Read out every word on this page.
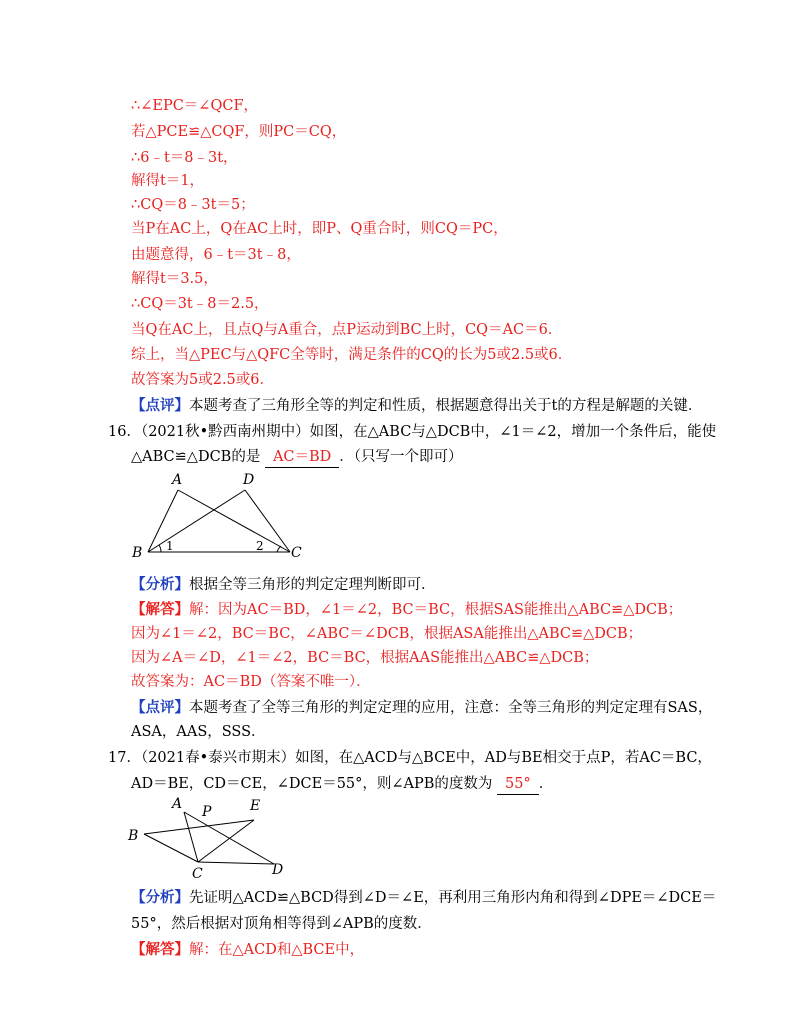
∴∠EPC＝∠QCF，
若△PCE≌△CQF，则PC＝CQ，
∴6﹣t＝8﹣3t，
解得t＝1，
∴CQ＝8﹣3t＝5；
当P在AC上，Q在AC上时，即P、Q重合时，则CQ＝PC，
由题意得，6﹣t＝3t﹣8，
解得t＝3.5，
∴CQ＝3t﹣8＝2.5，
当Q在AC上，且点Q与A重合，点P运动到BC上时，CQ＝AC＝6．
综上，当△PEC与△QFC全等时，满足条件的CQ的长为5或2.5或6．
故答案为5或2.5或6．
【点评】本题考查了三角形全等的判定和性质，根据题意得出关于t的方程是解题的关键．
16．（2021秋•黔西南州期中）如图，在△ABC与△DCB中，∠1＝∠2，增加一个条件后，能使
△ABC≌△DCB的是 AC＝BD ．（只写一个即可）
A	D
B	C
1	2
【分析】根据全等三角形的判定定理判断即可．
【解答】解：因为AC＝BD，∠1＝∠2，BC＝BC，根据SAS能推出△ABC≌△DCB；
因为∠1＝∠2，BC＝BC，∠ABC＝∠DCB，根据ASA能推出△ABC≌△DCB；
因为∠A＝∠D，∠1＝∠2，BC＝BC，根据AAS能推出△ABC≌△DCB；
故答案为：AC＝BD（答案不唯一）．
【点评】本题考查了全等三角形的判定定理的应用，注意：全等三角形的判定定理有SAS，
ASA，AAS，SSS．
17．（2021春•泰兴市期末）如图，在△ACD与△BCE中，AD与BE相交于点P，若AC＝BC，
AD＝BE，CD＝CE，∠DCE＝55°，则∠APB的度数为 55° ．
A P	E
B
C	D
【分析】先证明△ACD≌△BCD得到∠D＝∠E，再利用三角形内角和得到∠DPE＝∠DCE＝
55°，然后根据对顶角相等得到∠APB的度数．
【解答】解：在△ACD和△BCE中，
